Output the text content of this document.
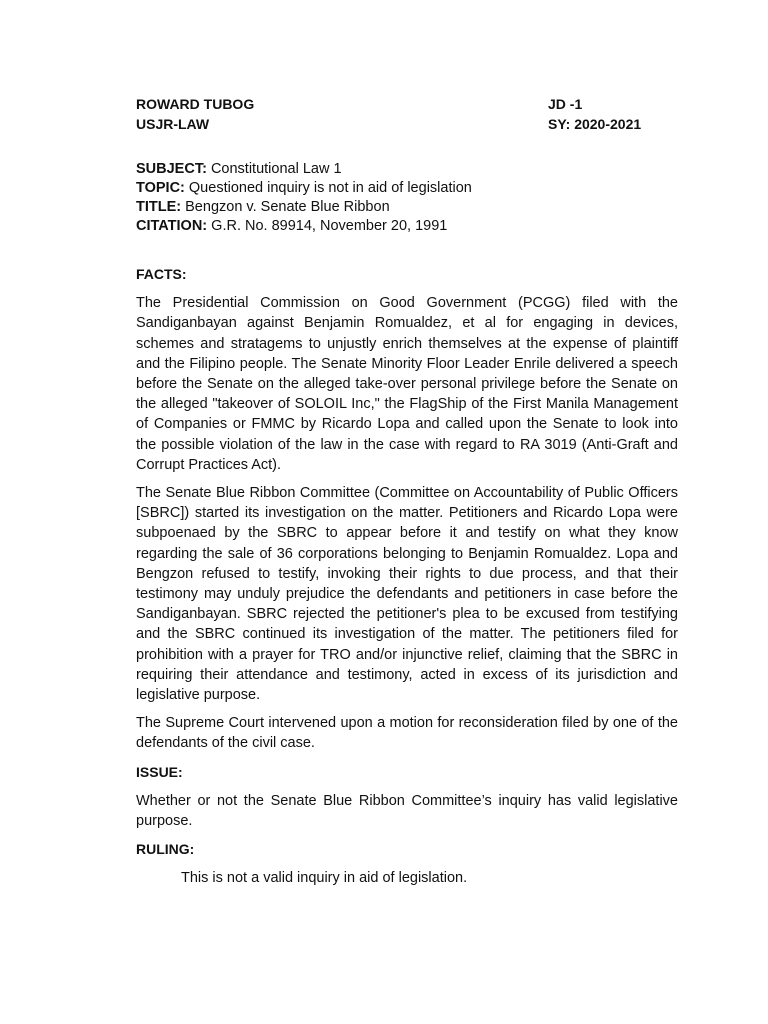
ROWARD TUBOG	JD -1
USJR-LAW	SY: 2020-2021
SUBJECT: Constitutional Law 1
TOPIC: Questioned inquiry is not in aid of legislation
TITLE: Bengzon v. Senate Blue Ribbon
CITATION: G.R. No. 89914, November 20, 1991
FACTS:

The Presidential Commission on Good Government (PCGG) filed with the Sandiganbayan against Benjamin Romualdez, et al for engaging in devices, schemes and stratagems to unjustly enrich themselves at the expense of plaintiff and the Filipino people. The Senate Minority Floor Leader Enrile delivered a speech before the Senate on the alleged take-over personal privilege before the Senate on the alleged "takeover of SOLOIL Inc," the FlagShip of the First Manila Management of Companies or FMMC by Ricardo Lopa and called upon the Senate to look into the possible violation of the law in the case with regard to RA 3019 (Anti-Graft and Corrupt Practices Act).

The Senate Blue Ribbon Committee (Committee on Accountability of Public Officers [SBRC]) started its investigation on the matter. Petitioners and Ricardo Lopa were subpoenaed by the SBRC to appear before it and testify on what they know regarding the sale of 36 corporations belonging to Benjamin Romualdez. Lopa and Bengzon refused to testify, invoking their rights to due process, and that their testimony may unduly prejudice the defendants and petitioners in case before the Sandiganbayan. SBRC rejected the petitioner's plea to be excused from testifying and the SBRC continued its investigation of the matter. The petitioners filed for prohibition with a prayer for TRO and/or injunctive relief, claiming that the SBRC in requiring their attendance and testimony, acted in excess of its jurisdiction and legislative purpose.

The Supreme Court intervened upon a motion for reconsideration filed by one of the defendants of the civil case.

ISSUE:

Whether or not the Senate Blue Ribbon Committee’s inquiry has valid legislative purpose.

RULING:

This is not a valid inquiry in aid of legislation.
